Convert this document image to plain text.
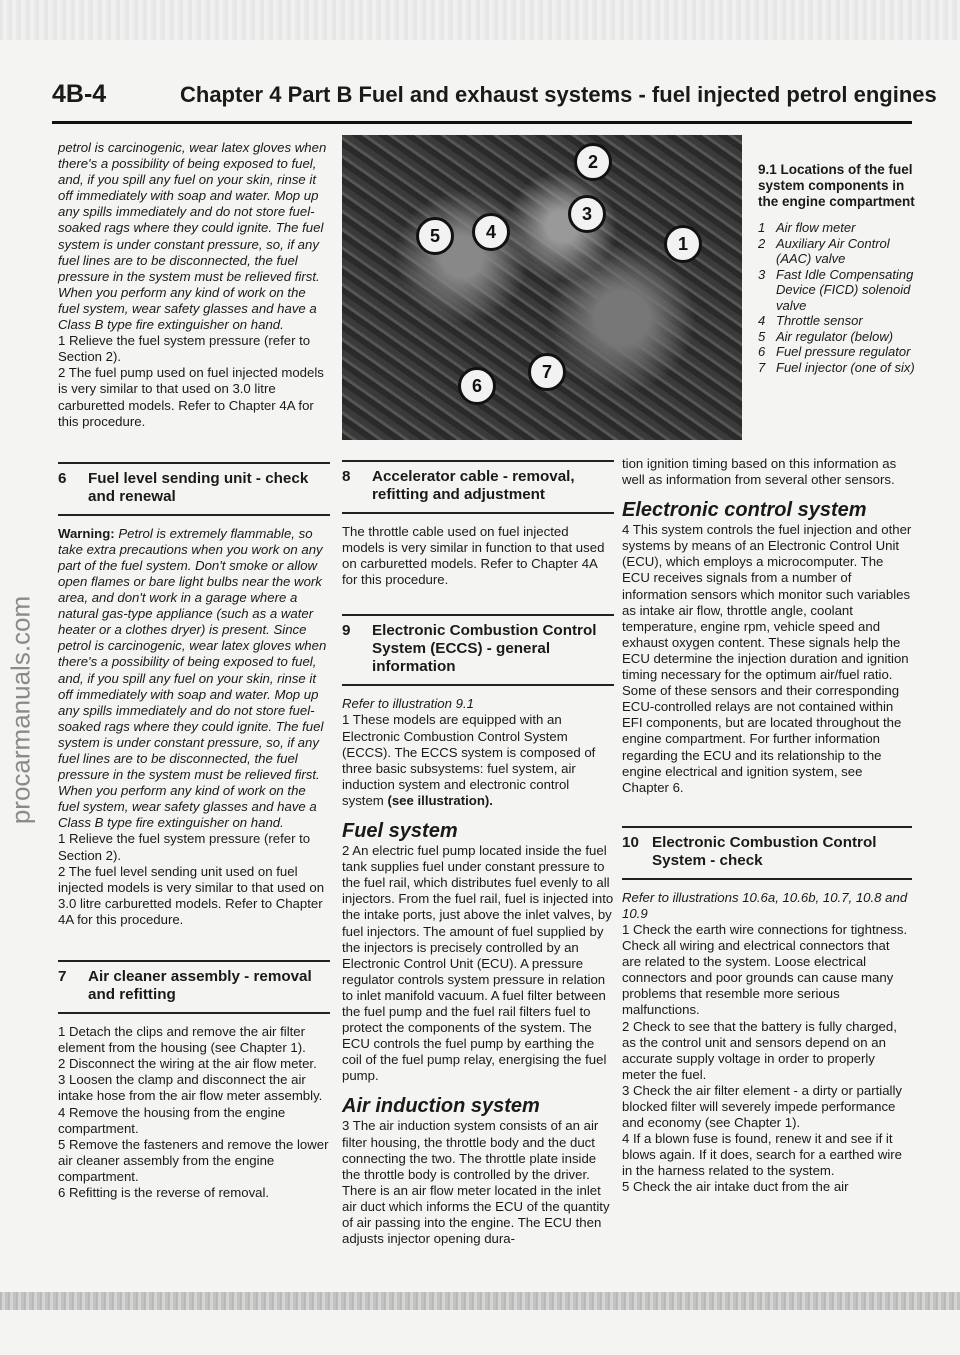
4B-4	Chapter 4 Part B Fuel and exhaust systems - fuel injected petrol engines
procarmanuals.com

petrol is carcinogenic, wear latex gloves when there's a possibility of being exposed to fuel, and, if you spill any fuel on your skin, rinse it off immediately with soap and water. Mop up any spills immediately and do not store fuel-soaked rags where they could ignite. The fuel system is under constant pressure, so, if any fuel lines are to be disconnected, the fuel pressure in the system must be relieved first. When you perform any kind of work on the fuel system, wear safety glasses and have a Class B type fire extinguisher on hand.

1 Relieve the fuel system pressure (refer to Section 2).

2 The fuel pump used on fuel injected models is very similar to that used on 3.0 litre carburetted models. Refer to Chapter 4A for this procedure.

6	Fuel level sending unit - check and renewal

Warning: Petrol is extremely flammable, so take extra precautions when you work on any part of the fuel system. Don't smoke or allow open flames or bare light bulbs near the work area, and don't work in a garage where a natural gas-type appliance (such as a water heater or a clothes dryer) is present. Since petrol is carcinogenic, wear latex gloves when there's a possibility of being exposed to fuel, and, if you spill any fuel on your skin, rinse it off immediately with soap and water. Mop up any spills immediately and do not store fuel-soaked rags where they could ignite. The fuel system is under constant pressure, so, if any fuel lines are to be disconnected, the fuel pressure in the system must be relieved first. When you perform any kind of work on the fuel system, wear safety glasses and have a Class B type fire extinguisher on hand.

1 Relieve the fuel system pressure (refer to Section 2).

2 The fuel level sending unit used on fuel injected models is very similar to that used on 3.0 litre carburetted models. Refer to Chapter 4A for this procedure.

7	Air cleaner assembly - removal and refitting

1 Detach the clips and remove the air filter element from the housing (see Chapter 1).

2 Disconnect the wiring at the air flow meter.

3 Loosen the clamp and disconnect the air intake hose from the air flow meter assembly.

4 Remove the housing from the engine compartment.

5 Remove the fasteners and remove the lower air cleaner assembly from the engine compartment.

6 Refitting is the reverse of removal.

2
3
4
5	1
7
6
9.1 Locations of the fuel system components in the engine compartment
1 Air flow meter
2 Auxiliary Air Control (AAC) valve
3 Fast Idle Compensating Device (FICD) solenoid valve
4 Throttle sensor
5 Air regulator (below)
6 Fuel pressure regulator
7 Fuel injector (one of six)
8	Accelerator cable - removal, refitting and adjustment

The throttle cable used on fuel injected models is very similar in function to that used on carburetted models. Refer to Chapter 4A for this procedure.

9	Electronic Combustion Control System (ECCS) - general information

Refer to illustration 9.1

1 These models are equipped with an Electronic Combustion Control System (ECCS). The ECCS system is composed of three basic subsystems: fuel system, air induction system and electronic control system (see illustration).

Fuel system

2 An electric fuel pump located inside the fuel tank supplies fuel under constant pressure to the fuel rail, which distributes fuel evenly to all injectors. From the fuel rail, fuel is injected into the intake ports, just above the inlet valves, by fuel injectors. The amount of fuel supplied by the injectors is precisely controlled by an Electronic Control Unit (ECU). A pressure regulator controls system pressure in relation to inlet manifold vacuum. A fuel filter between the fuel pump and the fuel rail filters fuel to protect the components of the system. The ECU controls the fuel pump by earthing the coil of the fuel pump relay, energising the fuel pump.

Air induction system

3 The air induction system consists of an air filter housing, the throttle body and the duct connecting the two. The throttle plate inside the throttle body is controlled by the driver. There is an air flow meter located in the inlet air duct which informs the ECU of the quantity of air passing into the engine. The ECU then adjusts injector opening dura-

tion ignition timing based on this information as well as information from several other sensors.

Electronic control system

4 This system controls the fuel injection and other systems by means of an Electronic Control Unit (ECU), which employs a microcomputer. The ECU receives signals from a number of information sensors which monitor such variables as intake air flow, throttle angle, coolant temperature, engine rpm, vehicle speed and exhaust oxygen content. These signals help the ECU determine the injection duration and ignition timing necessary for the optimum air/fuel ratio. Some of these sensors and their corresponding ECU-controlled relays are not contained within EFI components, but are located throughout the engine compartment. For further information regarding the ECU and its relationship to the engine electrical and ignition system, see Chapter 6.

10 Electronic Combustion Control System - check

Refer to illustrations 10.6a, 10.6b, 10.7, 10.8 and 10.9

1 Check the earth wire connections for tightness. Check all wiring and electrical connectors that are related to the system. Loose electrical connectors and poor grounds can cause many problems that resemble more serious malfunctions.

2 Check to see that the battery is fully charged, as the control unit and sensors depend on an accurate supply voltage in order to properly meter the fuel.

3 Check the air filter element - a dirty or partially blocked filter will severely impede performance and economy (see Chapter 1).

4 If a blown fuse is found, renew it and see if it blows again. If it does, search for a earthed wire in the harness related to the system.

5 Check the air intake duct from the air
